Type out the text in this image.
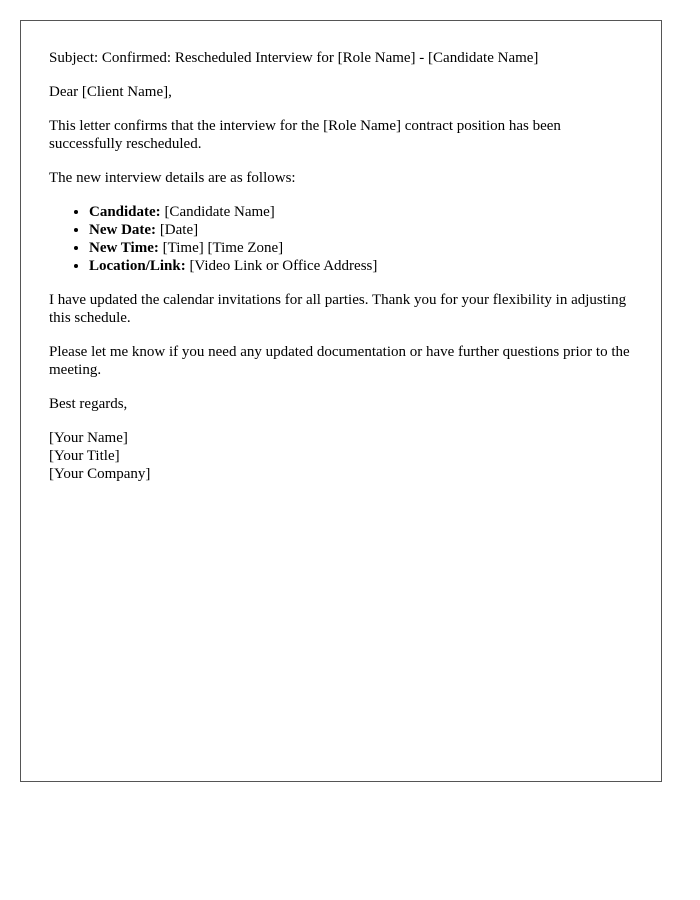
Subject: Confirmed: Rescheduled Interview for [Role Name] - [Candidate Name]

Dear [Client Name],

This letter confirms that the interview for the [Role Name] contract position has been successfully rescheduled.

The new interview details are as follows:

• Candidate: [Candidate Name]
• New Date: [Date]
• New Time: [Time] [Time Zone]
• Location/Link: [Video Link or Office Address]

I have updated the calendar invitations for all parties. Thank you for your flexibility in adjusting this schedule.

Please let me know if you need any updated documentation or have further questions prior to the meeting.

Best regards,

[Your Name]
[Your Title]
[Your Company]
